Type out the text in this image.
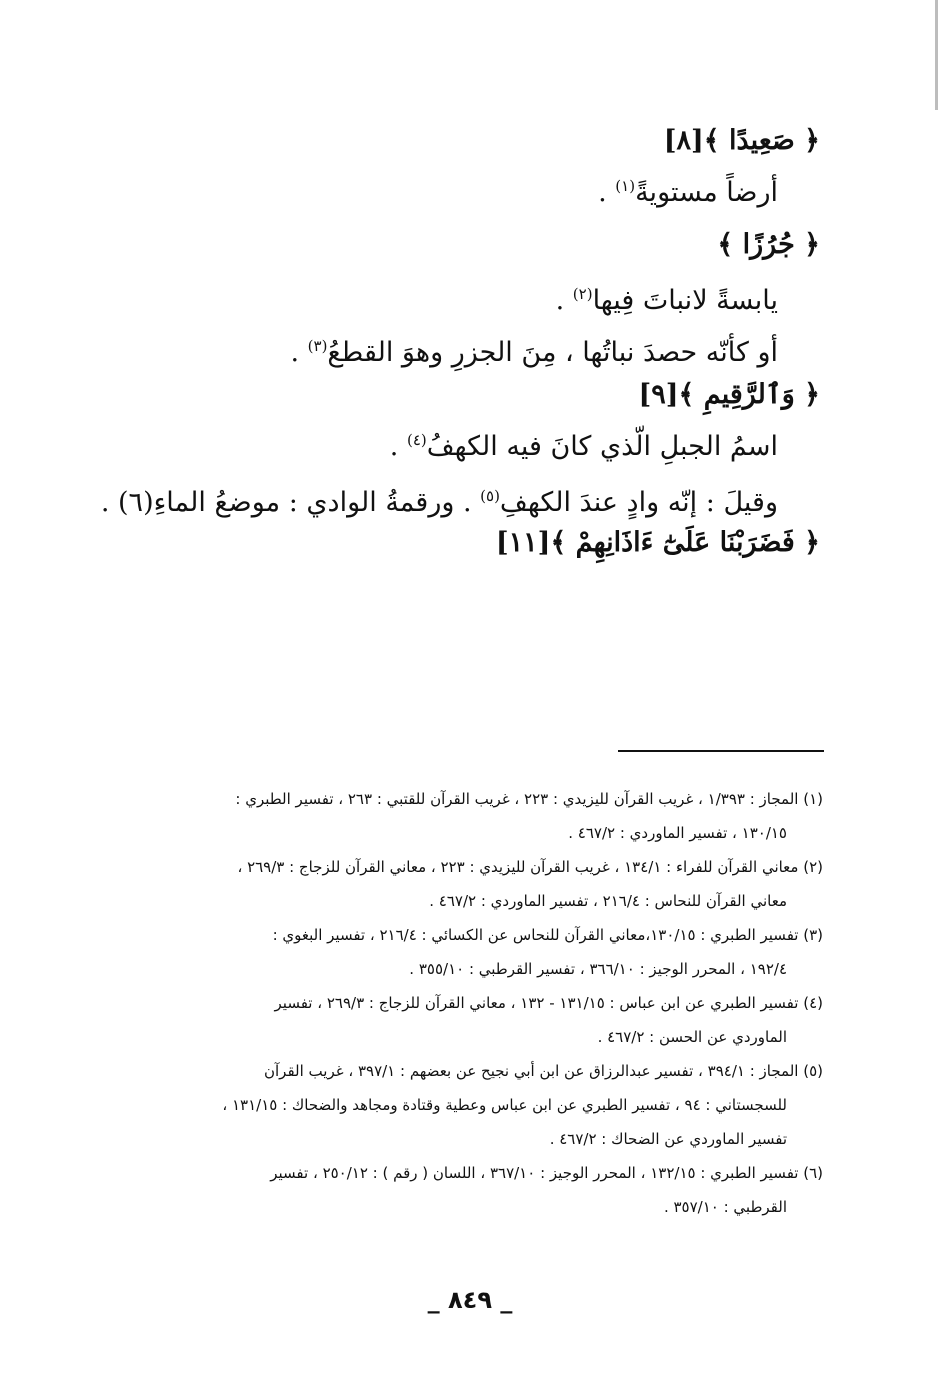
﴿ صَعِيدًا ﴾[٨]
أرضاً مستويةً$^{(١)}$ .
﴿ جُرُزًا ﴾
يابسةً لانباتَ فِيها$^{(٢)}$ .
أو كأنّه حصدَ نباتُها ، مِنَ الجزرِ وهوَ القطعُ$^{(٣)}$ .
﴿ وَٱلرَّقِيمِ ﴾[٩]
اسمُ الجبلِ الّذي كانَ فيه الكهفُ$^{(٤)}$ .
وقيلَ : إنّه وادٍ عندَ الكهفِ$^{(٥)}$ . ورقمةُ الوادي : موضعُ الماءِ(٦) .
﴿ فَضَرَبْنَا عَلَىٰٓ ءَاذَانِهِمْ ﴾[١١]
(١) المجاز : ١/٣٩٣ ، غريب القرآن لليزيدي : ٢٢٣ ، غريب القرآن للقتبي : ٢٦٣ ، تفسير الطبري :
١٣٠/١٥ ، تفسير الماوردي : ٤٦٧/٢ .
(٢) معاني القرآن للفراء : ١٣٤/١ ، غريب القرآن لليزيدي : ٢٢٣ ، معاني القرآن للزجاج : ٢٦٩/٣ ،
معاني القرآن للنحاس : ٢١٦/٤ ، تفسير الماوردي : ٤٦٧/٢ .
(٣) تفسير الطبري : ١٣٠/١٥،معاني القرآن للنحاس عن الكسائي : ٢١٦/٤ ، تفسير البغوي :
١٩٢/٤ ، المحرر الوجيز : ٣٦٦/١٠ ، تفسير القرطبي : ٣٥٥/١٠ .
(٤) تفسير الطبري عن ابن عباس : ١٣١/١٥ - ١٣٢ ، معاني القرآن للزجاج : ٢٦٩/٣ ، تفسير
الماوردي عن الحسن : ٤٦٧/٢ .
(٥) المجاز : ٣٩٤/١ ، تفسير عبدالرزاق عن ابن أبي نجيح عن بعضهم : ٣٩٧/١ ، غريب القرآن
للسجستاني : ٩٤ ، تفسير الطبري عن ابن عباس وعطية وقتادة ومجاهد والضحاك : ١٣١/١٥ ،
تفسير الماوردي عن الضحاك : ٤٦٧/٢ .
(٦) تفسير الطبري : ١٣٢/١٥ ، المحرر الوجيز : ٣٦٧/١٠ ، اللسان ( رقم ) : ٢٥٠/١٢ ، تفسير
القرطبي : ٣٥٧/١٠ .
_ ٨٤٩ _
